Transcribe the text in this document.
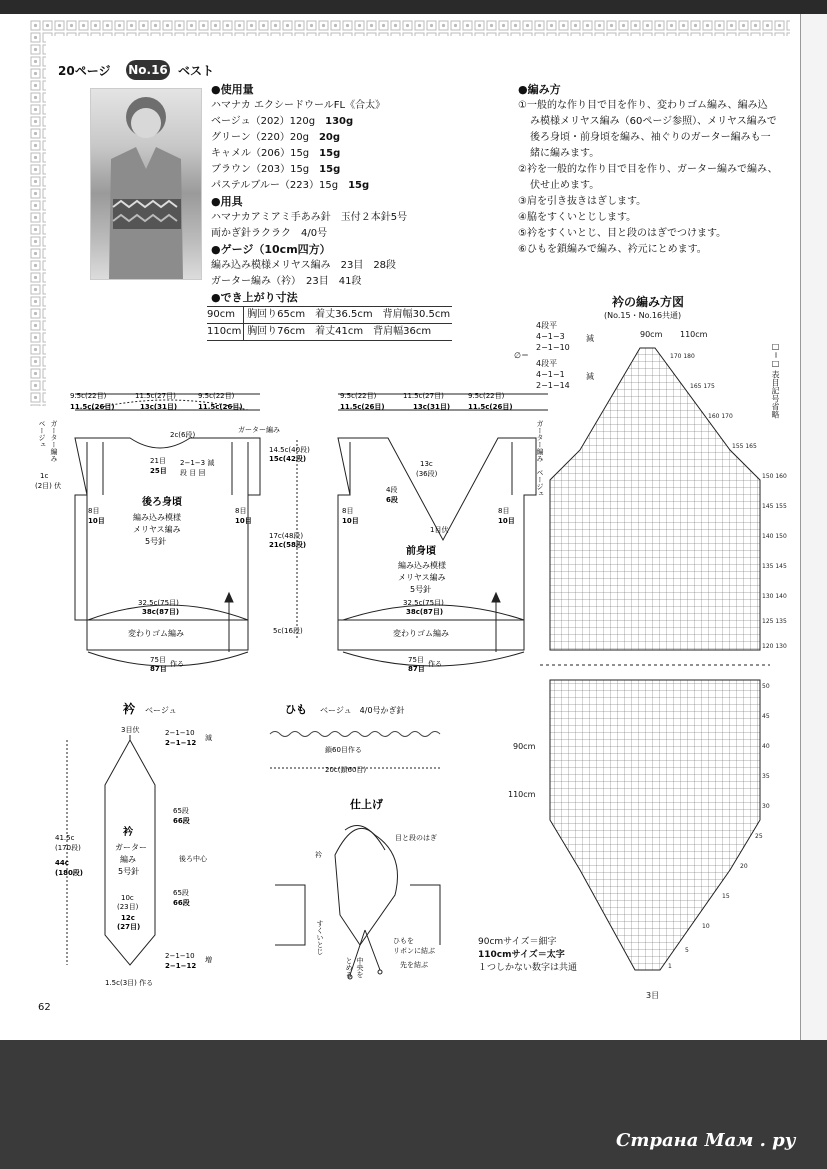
20ページ No.16 ベスト
●使用量
ハマナカ エクシードウールFL《合太》
ベージュ（202）120g　 130g
グリーン（220）20g　 20g
キャメル（206）15g　 15g
ブラウン（203）15g　 15g
パステルブルー（223）15g　 15g
●用具
ハマナカアミアミ手あみ針　玉付２本針5号
両かぎ針ラクラク　4/0号
●ゲージ（10cm四方）
編み込み模様メリヤス編み　23目　28段
ガーター編み（衿）　23目　41段
●でき上がり寸法
90cm 胸回り65cm　着丈36.5cm　背肩幅30.5cm
110cm 胸回り76cm　着丈41cm　背肩幅36cm
●編み方
①一般的な作り目で目を作り、変わりゴム編み、編み込
み模様メリヤス編み（60ページ参照）、メリヤス編みで
後ろ身頃・前身頃を編み、袖ぐりのガーター編みも一
緒に編みます。
②衿を一般的な作り目で目を作り、ガーター編みで編み、
伏せ止めます。
③肩を引き抜きはぎします。
④脇をすくいとじします。
⑤衿をすくいとじ、目と段のはぎでつけます。
⑥ひもを鎖編みで編み、衿元にとめます。
9.5c(22目)
11.5c(26目)
11.5c(27目)
13c(31目)
9.5c(22目)
11.5c(26目)
2c(6段)
21目
25目
2−1−3 減
段 目 回
ガーター編み
8目
10目
8目
10目
1c
(2目) 伏
後ろ身頃
編み込み模様
メリヤス編み
5号針
32.5c(75目)
38c(87目)
変わりゴム編み
75目
87目
作る
ガーター編み
ベージュ
14.5c(40段)
15c(42段)
17c(48段)
21c(58段)
5c(16段)
9.5c(22目)
11.5c(26目)
11.5c(27目)
13c(31目)
9.5c(22目)
11.5c(26目)
13c
(36段)
4段
6段
1目伏
8目
10目
8目
10目
前身頃
編み込み模様
メリヤス編み
5号針
32.5c(75目)
38c(87目)
変わりゴム編み
75目
87目
作る
ガーター編み　ベージュ
衿 ベージュ
3目伏	2−1−10
2−1−12
減
衿
ガーター
編み
5号針
65段
66段
後ろ中心
65段
66段
41.5c
(170段)
44c
(180段)
10c
(23目)
12c
(27目)
2−1−10
2−1−12
増
1.5c(3目) 作る
ひも ベージュ　4/0号かぎ針
鎖60目作る
20c(鎖60目)
仕上げ
衿
目と段のはぎ
すくいとじ
中央を
とめる
ひもを
リボンに結ぶ
先を結ぶ
衿の編み方図
(No.15・No.16共通)
4段平
4−1−3
2−1−10
減
∅＝
4段平
4−1−1
2−1−14
減
90cm 110cm
□＝□ 表目記号省略
170 180
165 175
160 170
155 165
150 160
145 155
140 150
135 145
130 140
125 135
120 130
50
45
40
35
30
25
20
15
10
5
1
90cm
110cm
3目
90cmサイズ＝細字
110cmサイズ＝太字
１つしかない数字は共通
62
Страна Мам . ру
